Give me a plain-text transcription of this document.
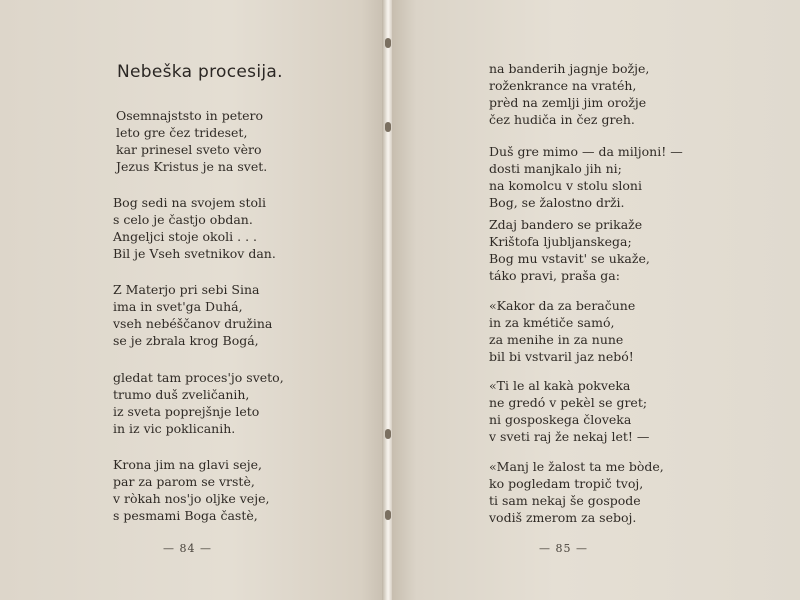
Nebeška procesija.
Osemnajststo in petero
leto gre čez trideset,
kar prinesel sveto vèro
Jezus Kristus je na svet.
Bog sedi na svojem stoli
s celo je častjo obdan.
Angeljci stoje okoli . . .
Bil je Vseh svetnikov dan.
Z Materjo pri sebi Sina
ima in svet'ga Duhá,
vseh nebéščanov družina
se je zbrala krog Bogá,
gledat tam proces'jo sveto,
trumo duš zveličanih,
iz sveta poprejšnje leto
in iz vic poklicanih.
Krona jim na glavi seje,
par za parom se vrstè,
v ròkah nos'jo oljke veje,
s pesmami Boga častè,
— 84 —
na banderih jagnje božje,
roženkrance na vratéh,
prèd na zemlji jim orožje
čez hudiča in čez greh.
Duš gre mimo — da miljoni! —
dosti manjkalo jih ni;
na komolcu v stolu sloni
Bog, se žalostno drži.
Zdaj bandero se prikaže
Krištofa ljubljanskega;
Bog mu vstavit' se ukaže,
táko pravi, praša ga:
«Kakor da za beračune
in za kmétiče samó,
za menihe in za nune
bil bi vstvaril jaz nebó!
«Ti le al kakà pokveka
ne gredó v pekèl se gret;
ni gosposkega človeka
v sveti raj že nekaj let! —
«Manj le žalost ta me bòde,
ko pogledam tropič tvoj,
ti sam nekaj še gospode
vodiš zmerom za seboj.
— 85 —
